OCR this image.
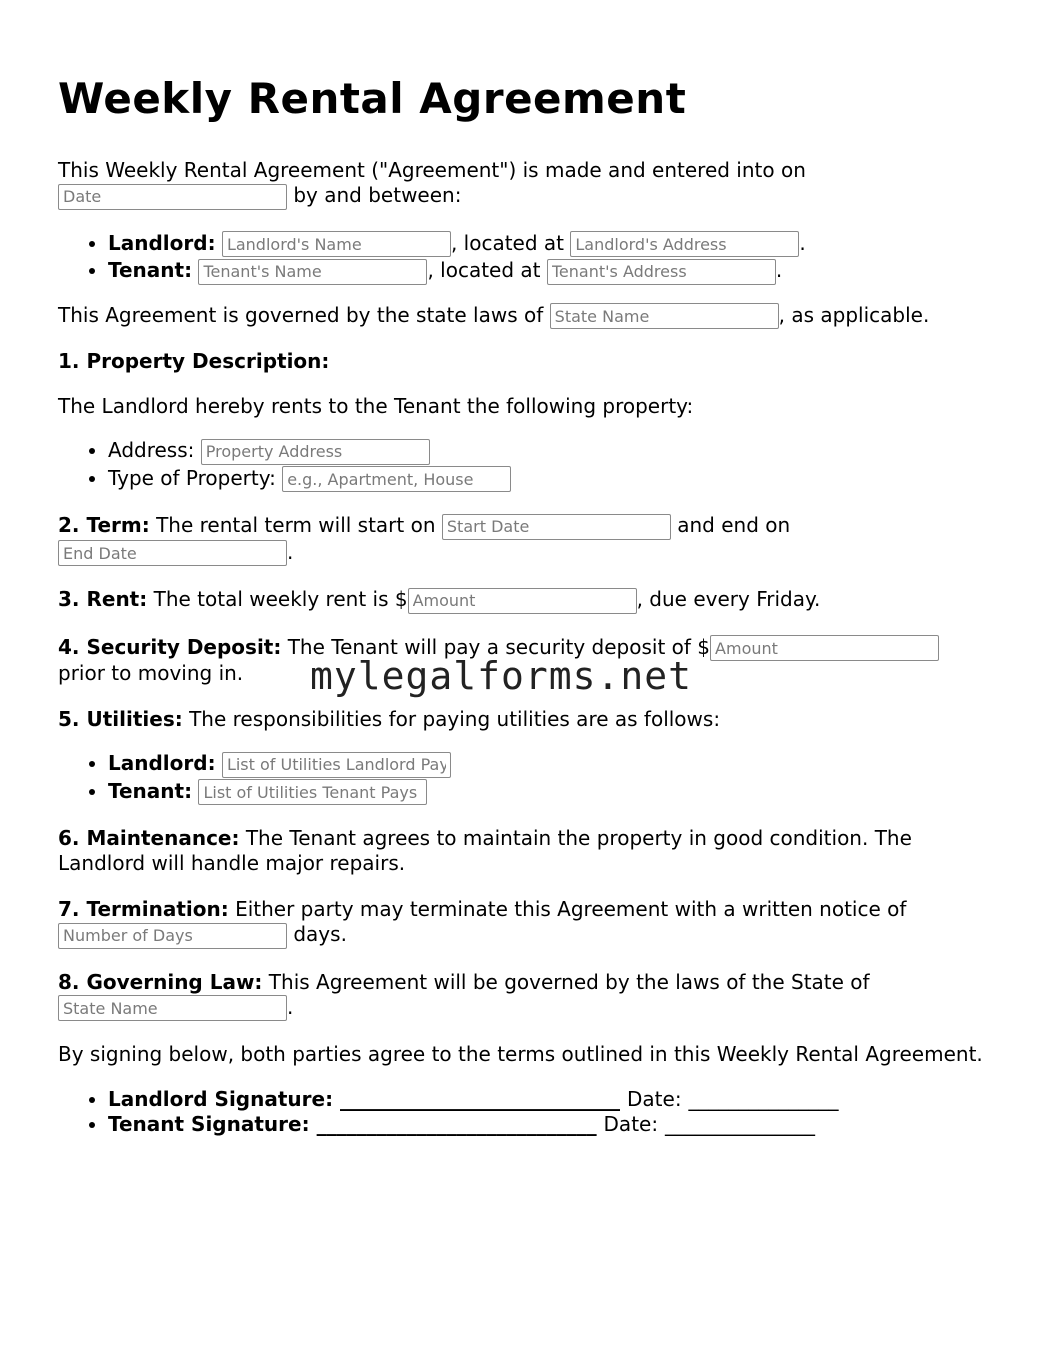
Weekly Rental Agreement

This Weekly Rental Agreement ("Agreement") is made and entered into on
Date by and between:

• Landlord: Landlord's Name	, located at Landlord's Address	.
• Tenant: Tenant's Name	, located at Tenant's Address	.

This Agreement is governed by the state laws of State Name	, as applicable.

1. Property Description:

The Landlord hereby rents to the Tenant the following property:

• Address: Property Address
• Type of Property: e.g., Apartment, House

2. Term: The rental term will start on Start Date	and end on
End Date.

3. Rent: The total weekly rent is $Amount	, due every Friday.

4. Security Deposit: The Tenant will pay a security deposit of $Amount
prior to moving in.

5. Utilities: The responsibilities for paying utilities are as follows:

• Landlord: List of Utilities Landlord Pays
• Tenant: List of Utilities Tenant Pays

6. Maintenance: The Tenant agrees to maintain the property in good condition. The Landlord will handle major repairs.

7. Termination: Either party may terminate this Agreement with a written notice of
Number of Days days.

8. Governing Law: This Agreement will be governed by the laws of the State of
State Name.

By signing below, both parties agree to the terms outlined in this Weekly Rental Agreement.

• Landlord Signature: ____________________________ Date: _______________
• Tenant Signature: ____________________________ Date: _______________
mylegalforms.net
